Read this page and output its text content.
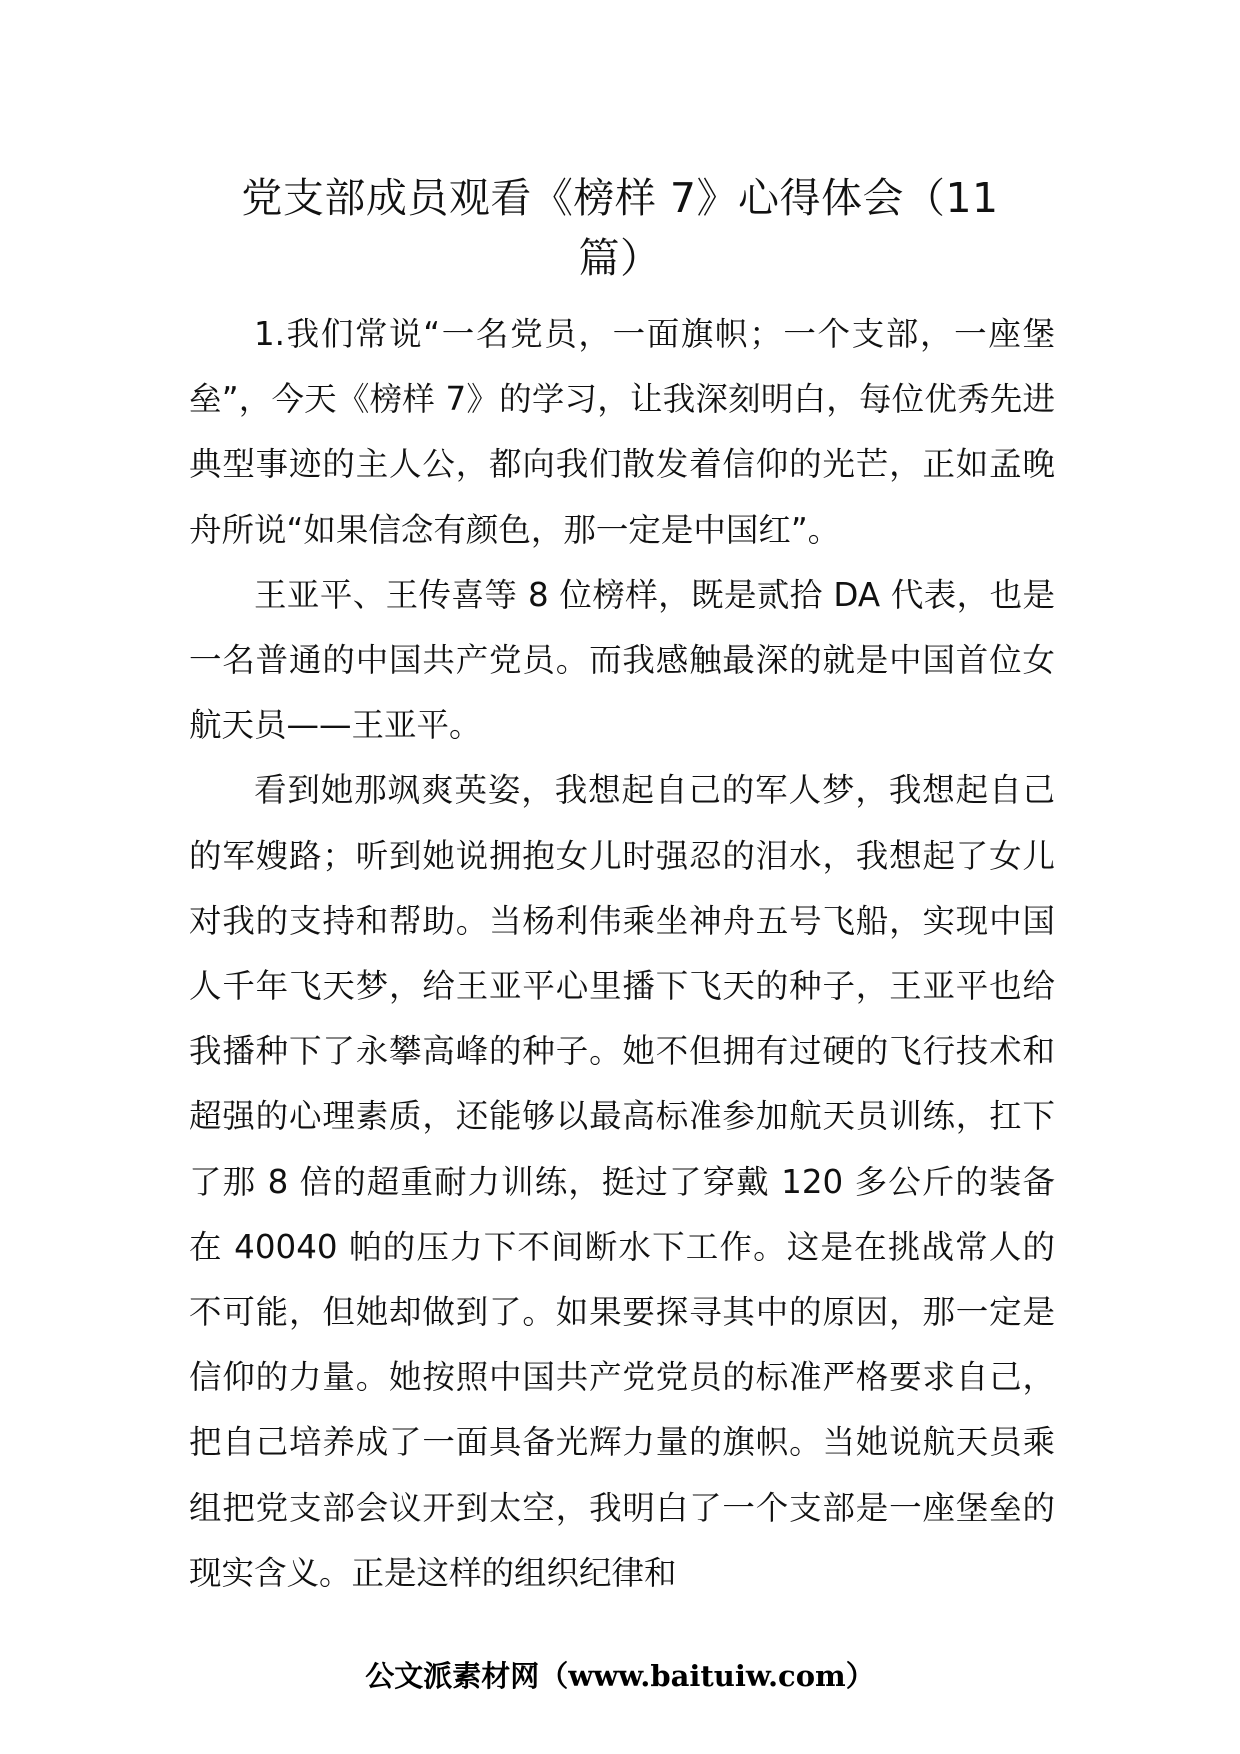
党支部成员观看《榜样 7》心得体会（11
篇）

1.我们常说“一名党员，一面旗帜；一个支部，一座堡垒”，今天《榜样 7》的学习，让我深刻明白，每位优秀先进典型事迹的主人公，都向我们散发着信仰的光芒，正如孟晚舟所说“如果信念有颜色，那一定是中国红”。

王亚平、王传喜等 8 位榜样，既是贰拾 DA 代表，也是一名普通的中国共产党员。而我感触最深的就是中国首位女航天员——王亚平。

看到她那飒爽英姿，我想起自己的军人梦，我想起自己的军嫂路；听到她说拥抱女儿时强忍的泪水，我想起了女儿对我的支持和帮助。当杨利伟乘坐神舟五号飞船，实现中国人千年飞天梦，给王亚平心里播下飞天的种子，王亚平也给我播种下了永攀高峰的种子。她不但拥有过硬的飞行技术和超强的心理素质，还能够以最高标准参加航天员训练，扛下了那 8 倍的超重耐力训练，挺过了穿戴 120 多公斤的装备在 40040 帕的压力下不间断水下工作。这是在挑战常人的不可能，但她却做到了。如果要探寻其中的原因，那一定是信仰的力量。她按照中国共产党党员的标准严格要求自己，把自己培养成了一面具备光辉力量的旗帜。当她说航天员乘组把党支部会议开到太空，我明白了一个支部是一座堡垒的现实含义。正是这样的组织纪律和

公文派素材网（www.baituiw.com）
